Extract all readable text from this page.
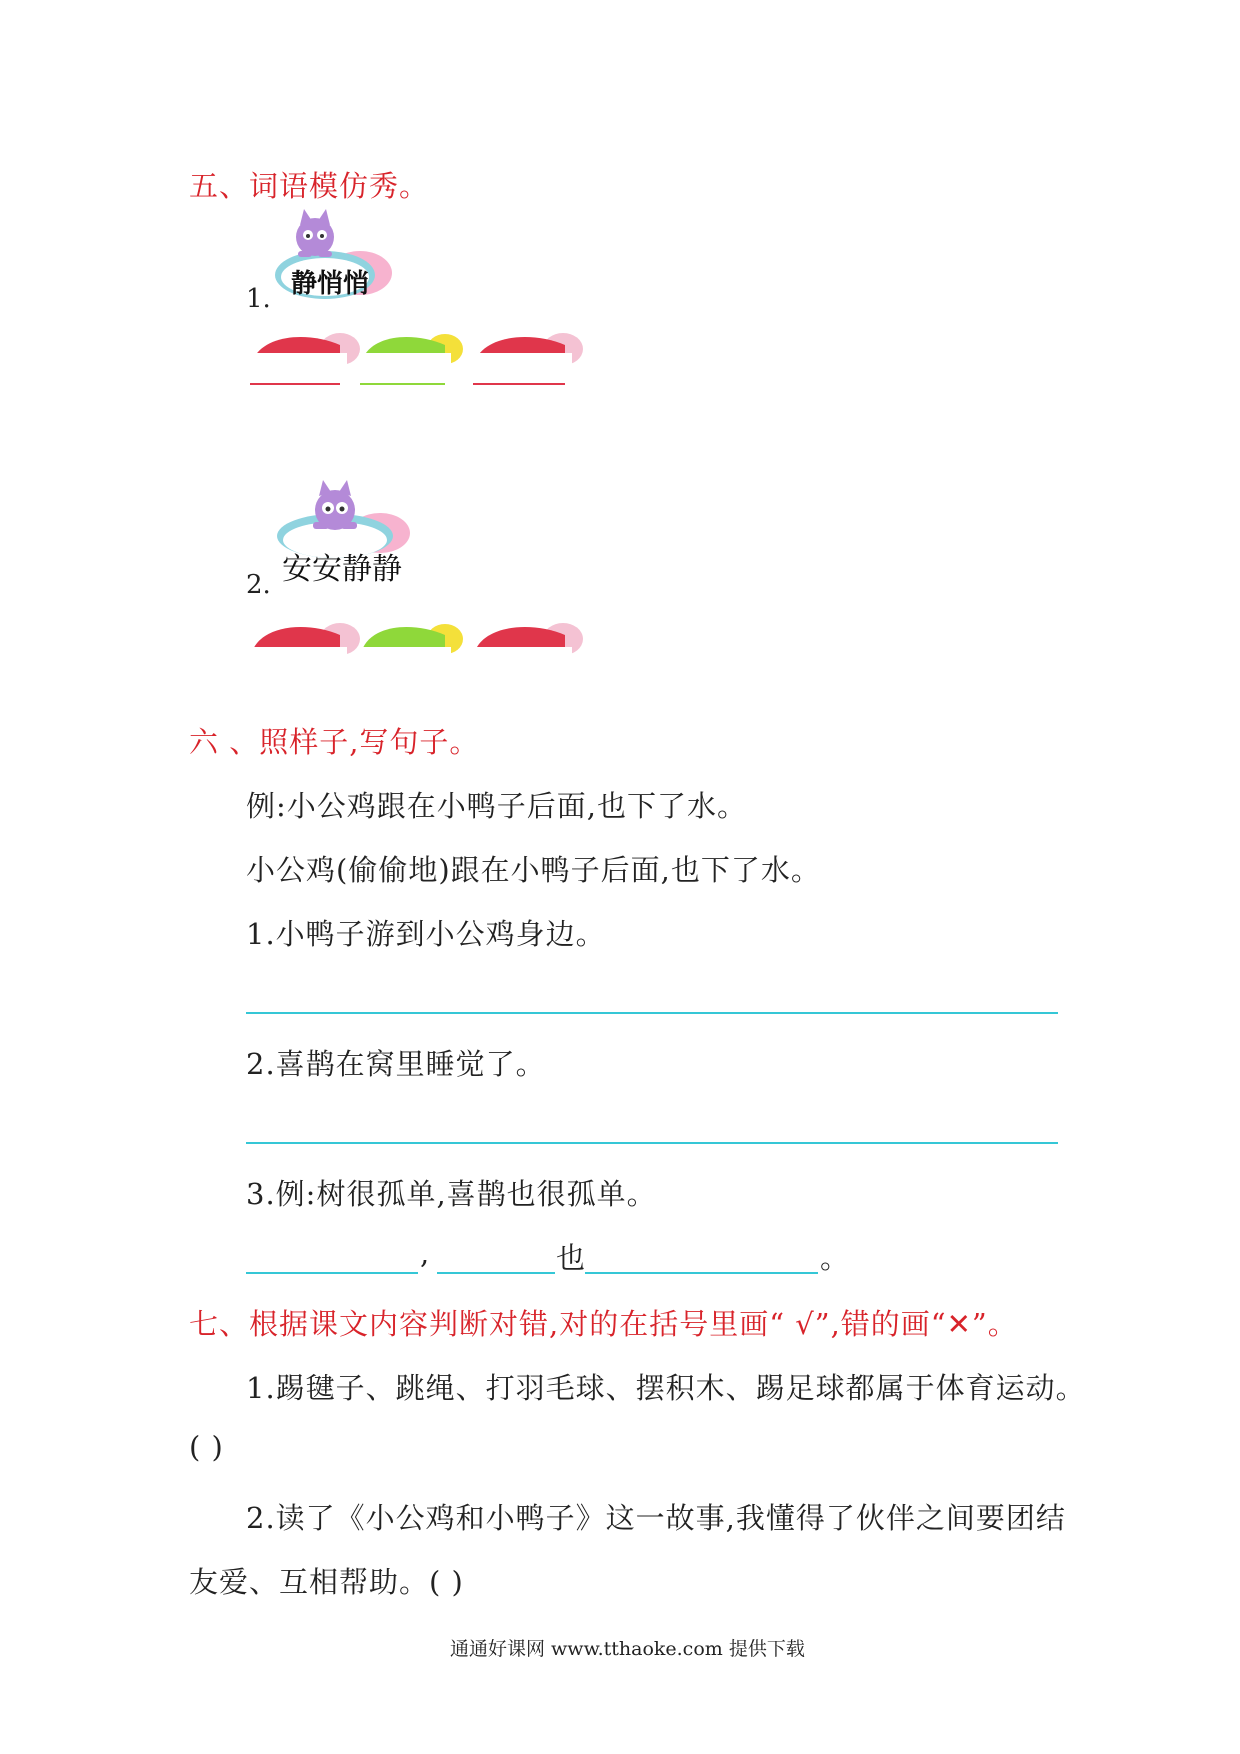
五、词语模仿秀。
1. 静悄悄
2. 安安静静
六 、照样子,写句子。
例:小公鸡跟在小鸭子后面,也下了水。
小公鸡(偷偷地)跟在小鸭子后面,也下了水。
1.小鸭子游到小公鸡身边。
2.喜鹊在窝里睡觉了。
3.例:树很孤单,喜鹊也很孤单。
,	也	。
七、根据课文内容判断对错,对的在括号里画“ √”,错的画“✕”。
1.踢毽子、跳绳、打羽毛球、摆积木、踢足球都属于体育运动。
( )
2.读了《小公鸡和小鸭子》这一故事,我懂得了伙伴之间要团结
友爱、互相帮助。( )
通通好课网 www.tthaoke.com 提供下载
